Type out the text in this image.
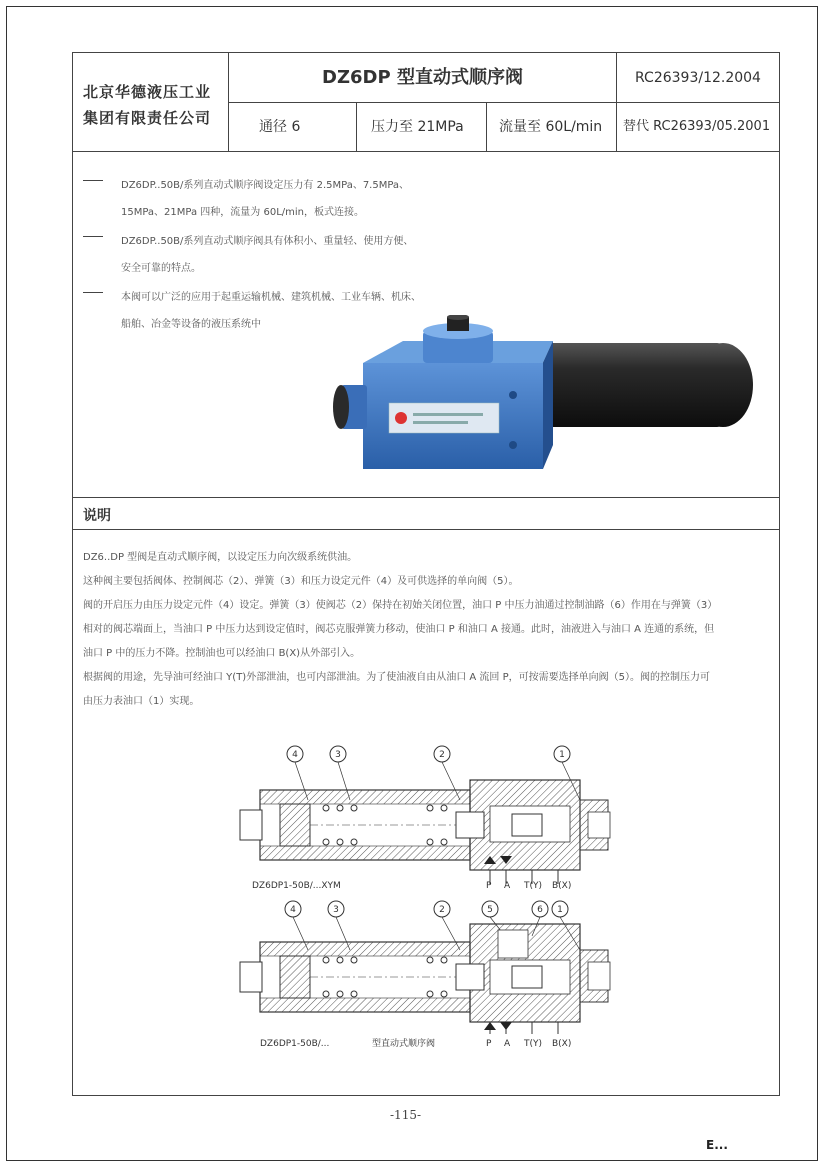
北京华德液压工业
集团有限责任公司
DZ6DP 型直动式顺序阀	RC26393/12.2004
通径 6	压力至 21MPa	流量至 60L/min	替代 RC26393/05.2001
DZ6DP..50B/系列直动式顺序阀设定压力有 2.5MPa、7.5MPa、
15MPa、21MPa 四种，流量为 60L/min，板式连接。
DZ6DP..50B/系列直动式顺序阀具有体积小、重量轻、使用方便、
安全可靠的特点。
本阀可以广泛的应用于起重运输机械、建筑机械、工业车辆、机床、
船舶、冶金等设备的液压系统中
说明
DZ6..DP 型阀是直动式顺序阀，以设定压力向次级系统供油。
这种阀主要包括阀体、控制阀芯（2）、弹簧（3）和压力设定元件（4）及可供选择的单向阀（5）。
阀的开启压力由压力设定元件（4）设定。弹簧（3）使阀芯（2）保持在初始关闭位置，油口 P 中压力油通过控制油路（6）作用在与弹簧（3）
相对的阀芯端面上，当油口 P 中压力达到设定值时，阀芯克服弹簧力移动，使油口 P 和油口 A 接通。此时，油液进入与油口 A 连通的系统，但
油口 P 中的压力不降。控制油也可以经油口 B(X)从外部引入。
根据阀的用途，先导油可经油口 Y(T)外部泄油，也可内部泄油。为了使油液自由从油口 A 流回 P，可按需要选择单向阀（5）。阀的控制压力可
由压力表油口（1）实现。
4	3	2	1
DZ6DP1-50B/...XYM	P A T(Y) B(X)
4	3	2	5	6 1
DZ6DP1-50B/...	型直动式顺序阀	P A T(Y) B(X)
-115-
E...
